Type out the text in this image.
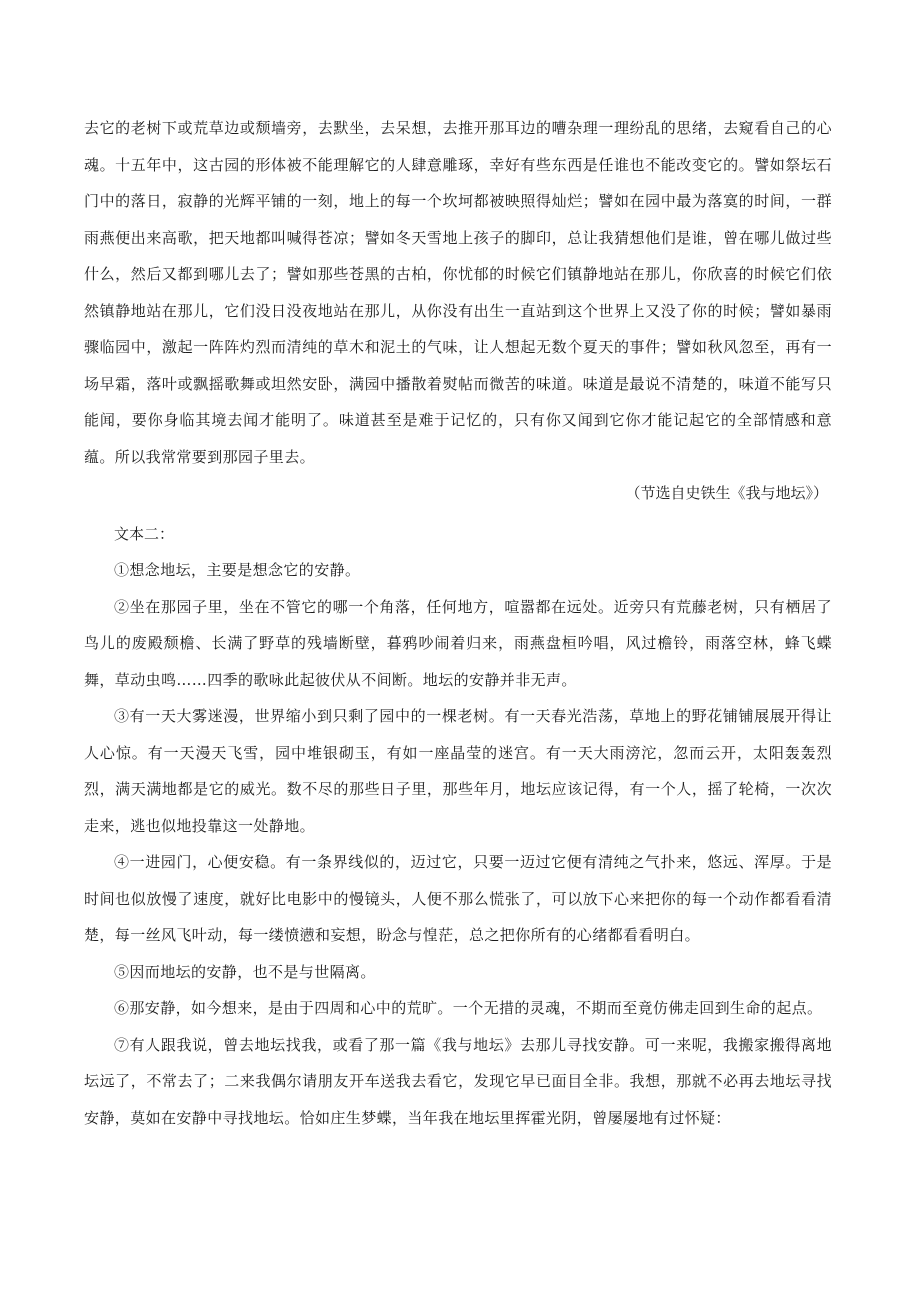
去它的老树下或荒草边或颓墙旁，去默坐，去呆想，去推开那耳边的嘈杂理一理纷乱的思绪，去窥看自己的心魂。十五年中，这古园的形体被不能理解它的人肆意雕琢，幸好有些东西是任谁也不能改变它的。譬如祭坛石门中的落日，寂静的光辉平铺的一刻，地上的每一个坎坷都被映照得灿烂；譬如在园中最为落寞的时间，一群雨燕便出来高歌，把天地都叫喊得苍凉；譬如冬天雪地上孩子的脚印，总让我猜想他们是谁，曾在哪儿做过些什么，然后又都到哪儿去了；譬如那些苍黑的古柏，你忧郁的时候它们镇静地站在那儿，你欣喜的时候它们依然镇静地站在那儿，它们没日没夜地站在那儿，从你没有出生一直站到这个世界上又没了你的时候；譬如暴雨骤临园中，激起一阵阵灼烈而清纯的草木和泥土的气味，让人想起无数个夏天的事件；譬如秋风忽至，再有一场早霜，落叶或飘摇歌舞或坦然安卧，满园中播散着熨帖而微苦的味道。味道是最说不清楚的，味道不能写只能闻，要你身临其境去闻才能明了。味道甚至是难于记忆的，只有你又闻到它你才能记起它的全部情感和意蕴。所以我常常要到那园子里去。

（节选自史铁生《我与地坛》）

文本二：

①想念地坛，主要是想念它的安静。

②坐在那园子里，坐在不管它的哪一个角落，任何地方，喧嚣都在远处。近旁只有荒藤老树，只有栖居了鸟儿的废殿颓檐、长满了野草的残墙断壁，暮鸦吵闹着归来，雨燕盘桓吟唱，风过檐铃，雨落空林，蜂飞蝶舞，草动虫鸣……四季的歌咏此起彼伏从不间断。地坛的安静并非无声。

③有一天大雾迷漫，世界缩小到只剩了园中的一棵老树。有一天春光浩荡，草地上的野花铺铺展展开得让人心惊。有一天漫天飞雪，园中堆银砌玉，有如一座晶莹的迷宫。有一天大雨滂沱，忽而云开，太阳轰轰烈烈，满天满地都是它的威光。数不尽的那些日子里，那些年月，地坛应该记得，有一个人，摇了轮椅，一次次走来，逃也似地投靠这一处静地。

④一进园门，心便安稳。有一条界线似的，迈过它，只要一迈过它便有清纯之气扑来，悠远、浑厚。于是时间也似放慢了速度，就好比电影中的慢镜头，人便不那么慌张了，可以放下心来把你的每一个动作都看看清楚，每一丝风飞叶动，每一缕愤懑和妄想，盼念与惶茫，总之把你所有的心绪都看看明白。

⑤因而地坛的安静，也不是与世隔离。

⑥那安静，如今想来，是由于四周和心中的荒旷。一个无措的灵魂，不期而至竟仿佛走回到生命的起点。

⑦有人跟我说，曾去地坛找我，或看了那一篇《我与地坛》去那儿寻找安静。可一来呢，我搬家搬得离地坛远了，不常去了；二来我偶尔请朋友开车送我去看它，发现它早已面目全非。我想，那就不必再去地坛寻找安静，莫如在安静中寻找地坛。恰如庄生梦蝶，当年我在地坛里挥霍光阴，曾屡屡地有过怀疑：
